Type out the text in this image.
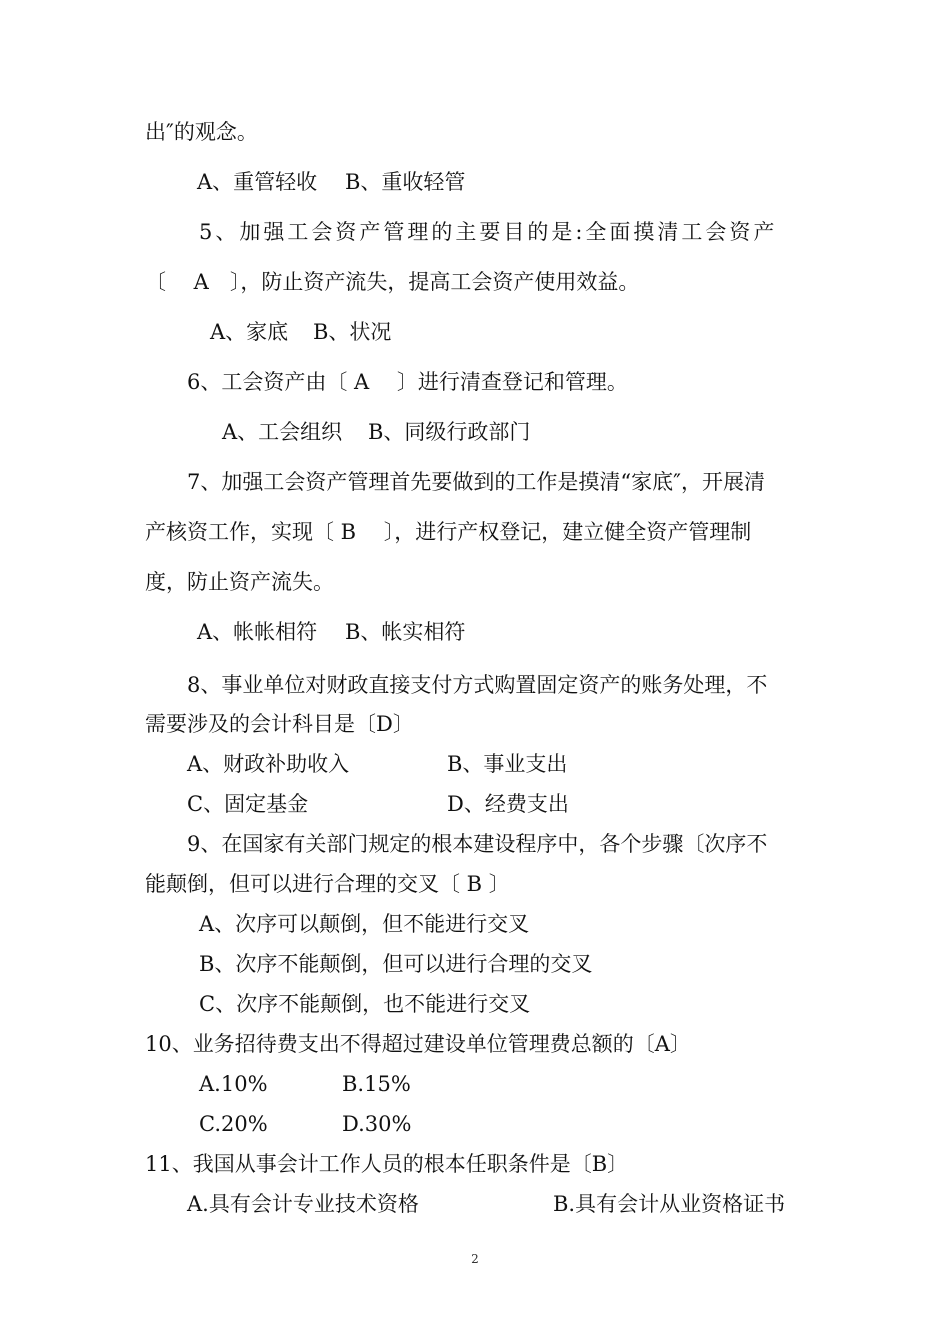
出″的观念。
A、重管轻收 B、重收轻管
5、加强工会资产管理的主要目的是:全面摸清工会资产
〔　 A　〕，防止资产流失，提高工会资产使用效益。
A、家底 B、状况
6、工会资产由〔 A　 〕进行清查登记和管理。
A、工会组织 B、同级行政部门
7、加强工会资产管理首先要做到的工作是摸清“家底″，开展清
产核资工作，实现〔 B　 〕，进行产权登记，建立健全资产管理制
度，防止资产流失。
A、帐帐相符 B、帐实相符
8、事业单位对财政直接支付方式购置固定资产的账务处理，不
需要涉及的会计科目是〔D〕
A、财政补助收入	B、事业支出
C、固定基金	D、经费支出
9、在国家有关部门规定的根本建设程序中，各个步骤〔次序不
能颠倒，但可以进行合理的交叉〔 B 〕
A、次序可以颠倒，但不能进行交叉
B、次序不能颠倒，但可以进行合理的交叉
C、次序不能颠倒，也不能进行交叉
10、业务招待费支出不得超过建设单位管理费总额的〔A〕
A.10%	B.15%
C.20%	D.30%
11、我国从事会计工作人员的根本任职条件是〔B〕
A.具有会计专业技术资格	B.具有会计从业资格证书
2
